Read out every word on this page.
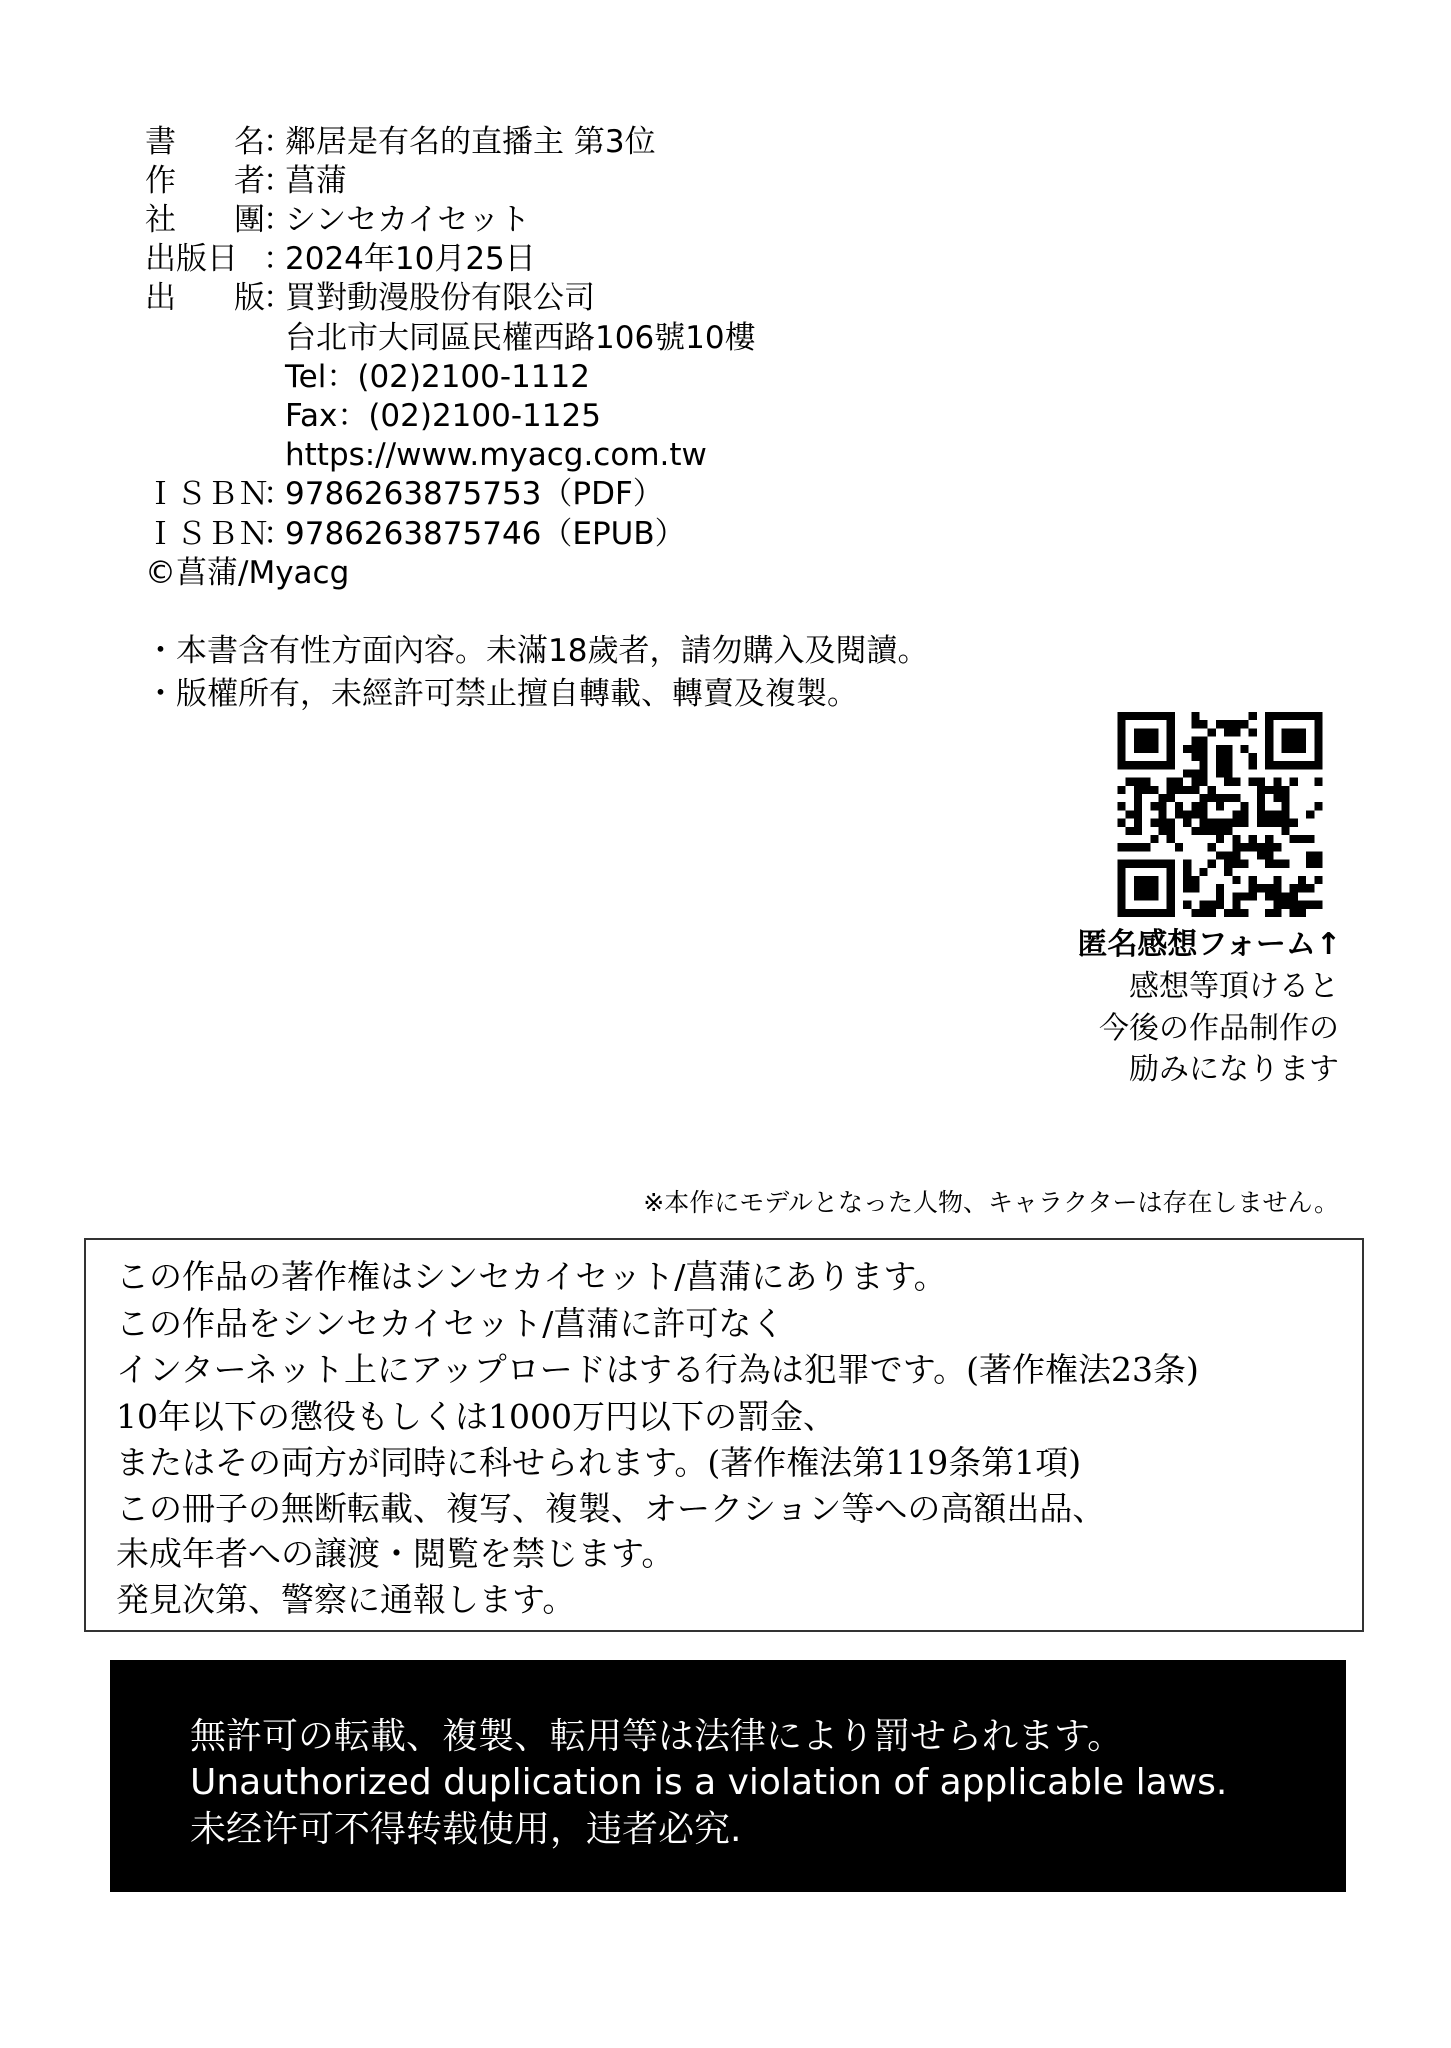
書 名
：
鄰居是有名的直播主 第3位
作 者
：
菖蒲
社 團
：
シンセカイセット
出版日 ：
2024年10月25日
出 版
：
買對動漫股份有限公司
台北市大同區民權西路106號10樓
Tel：(02)2100-1112
Fax：(02)2100-1125
https://www.myacg.com.tw
ＩＳＢＮ
：
9786263875753（PDF）
ＩＳＢＮ
：
9786263875746（EPUB）
©菖蒲/Myacg
・本書含有性方面內容。未滿18歲者，請勿購入及閱讀。
・版權所有，未經許可禁止擅自轉載、轉賣及複製。
匿名感想フォーム↑
感想等頂けると
今後の作品制作の
励みになります
※本作にモデルとなった人物、キャラクターは存在しません。
この作品の著作権はシンセカイセット/菖蒲にあります。
この作品をシンセカイセット/菖蒲に許可なく
インターネット上にアップロードはする行為は犯罪です。(著作権法23条)
10年以下の懲役もしくは1000万円以下の罰金、
またはその両方が同時に科せられます。(著作権法第119条第1項)
この冊子の無断転載、複写、複製、オークション等への高額出品、
未成年者への譲渡・閲覧を禁じます。
発見次第、警察に通報します。
無許可の転載、複製、転用等は法律により罰せられます。
Unauthorized duplication is a violation of applicable laws.
未经许可不得转载使用，违者必究.
